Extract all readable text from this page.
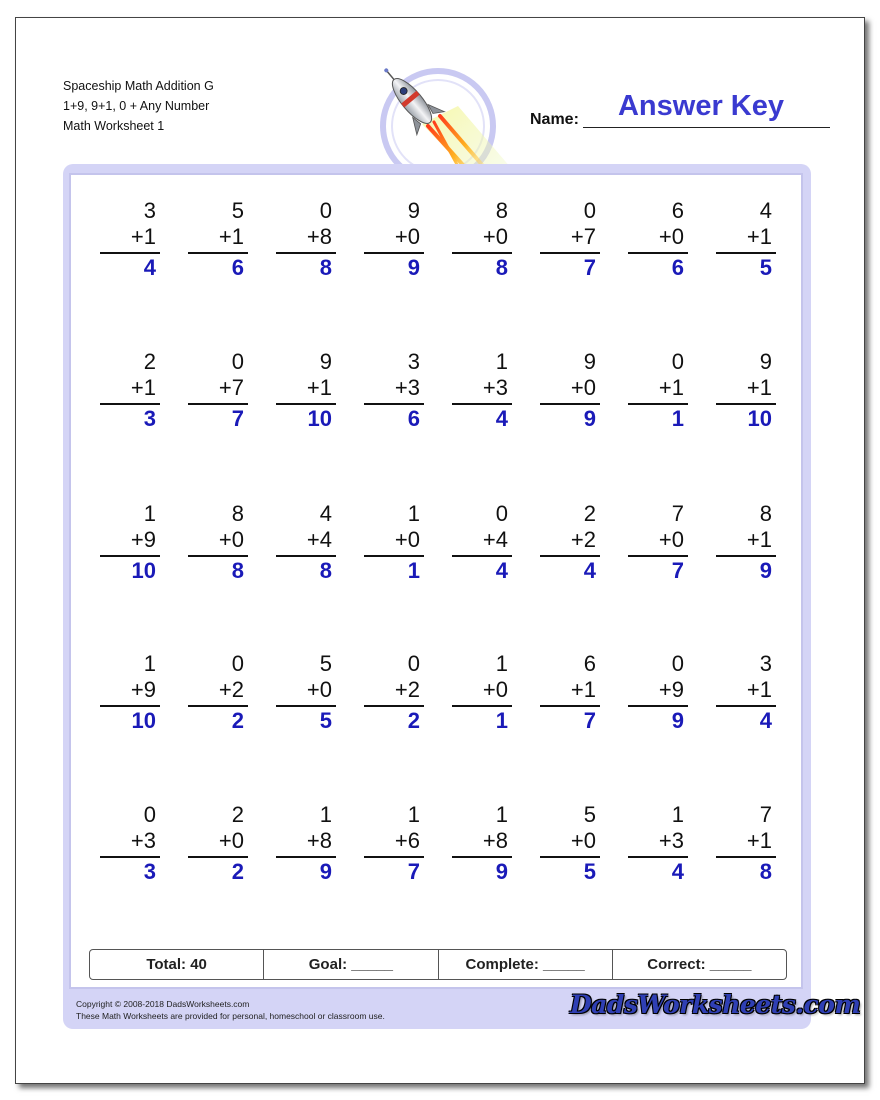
Spaceship Math Addition G
1+9, 9+1, 0 + Any Number
Math Worksheet 1	Name:	Answer Key
3
+1
4
5
+1
6
0
+8
8
9
+0
9
8
+0
8
0
+7
7
6
+0
6
4
+1
5
2
+1
3
0
+7
7
9
+1
10
3
+3
6
1
+3
4
9
+0
9
0
+1
1
9
+1
10
1
+9
10
8
+0
8
4
+4
8
1
+0
1
0
+4
4
2
+2
4
7
+0
7
8
+1
9
1
+9
10
0
+2
2
5
+0
5
0
+2
2
1
+0
1
6
+1
7
0
+9
9
3
+1
4
0
+3
3
2
+0
2
1
+8
9
1
+6
7
1
+8
9
5
+0
5
1
+3
4
7
+1
8
Total: 40	Goal: _____	Complete: _____	Correct: _____
Copyright © 2008-2018 DadsWorksheets.com
These Math Worksheets are provided for personal, homeschool or classroom use.	DadsWorksheets.com
